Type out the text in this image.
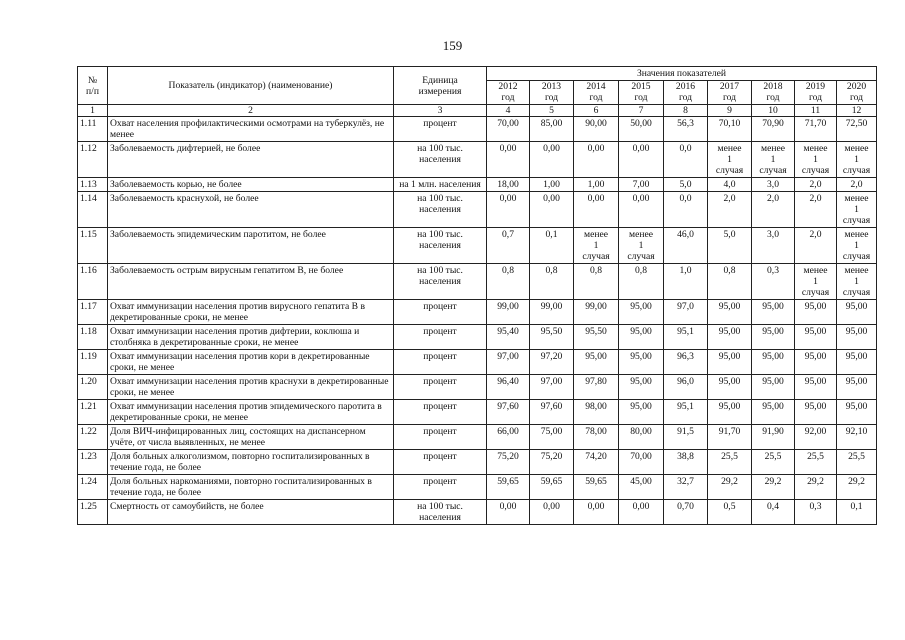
159
№
п/п	Показатель (индикатор) (наименование)	Единица
измерения	Значения показателей								
			2012
год	2013
год	2014
год	2015
год	2016
год	2017
год	2018
год	2019
год	2020
год
1	2	3	4	5	6	7	8	9	10	11	12
1.11	Охват населения профилактическими осмотрами на туберкулёз, не менее	процент	70,00	85,00	90,00	50,00	56,3	70,10	70,90	71,70	72,50
1.12	Заболеваемость дифтерией, не более	на 100 тыс. населения	0,00	0,00	0,00	0,00	0,0	менее
1
случая	менее
1
случая	менее
1
случая	менее
1
случая
1.13	Заболеваемость корью, не более	на 1 млн. населения	18,00	1,00	1,00	7,00	5,0	4,0	3,0	2,0	2,0
1.14	Заболеваемость краснухой, не более	на 100 тыс. населения	0,00	0,00	0,00	0,00	0,0	2,0	2,0	2,0	менее
1
случая
1.15	Заболеваемость эпидемическим паротитом, не более	на 100 тыс. населения	0,7	0,1	менее
1
случая	менее
1
случая	46,0	5,0	3,0	2,0	менее
1
случая
1.16	Заболеваемость острым вирусным гепатитом В, не более	на 100 тыс. населения	0,8	0,8	0,8	0,8	1,0	0,8	0,3	менее
1
случая	менее
1
случая
1.17	Охват иммунизации населения против вирусного гепатита В в декретированные сроки, не менее	процент	99,00	99,00	99,00	95,00	97,0	95,00	95,00	95,00	95,00
1.18	Охват иммунизации населения против дифтерии, коклюша и столбняка в декретированные сроки, не менее	процент	95,40	95,50	95,50	95,00	95,1	95,00	95,00	95,00	95,00
1.19	Охват иммунизации населения против кори в декретированные сроки, не менее	процент	97,00	97,20	95,00	95,00	96,3	95,00	95,00	95,00	95,00
1.20	Охват иммунизации населения против краснухи в декретированные сроки, не менее	процент	96,40	97,00	97,80	95,00	96,0	95,00	95,00	95,00	95,00
1.21	Охват иммунизации населения против эпидемического паротита в декретированные сроки, не менее	процент	97,60	97,60	98,00	95,00	95,1	95,00	95,00	95,00	95,00
1.22	Доля ВИЧ-инфицированных лиц, состоящих на диспансерном учёте, от числа выявленных, не менее	процент	66,00	75,00	78,00	80,00	91,5	91,70	91,90	92,00	92,10
1.23	Доля больных алкоголизмом, повторно госпитализированных в течение года, не более	процент	75,20	75,20	74,20	70,00	38,8	25,5	25,5	25,5	25,5
1.24	Доля больных наркоманиями, повторно госпитализированных в течение года, не более	процент	59,65	59,65	59,65	45,00	32,7	29,2	29,2	29,2	29,2
1.25	Смертность от самоубийств, не более	на 100 тыс. населения	0,00	0,00	0,00	0,00	0,70	0,5	0,4	0,3	0,1
